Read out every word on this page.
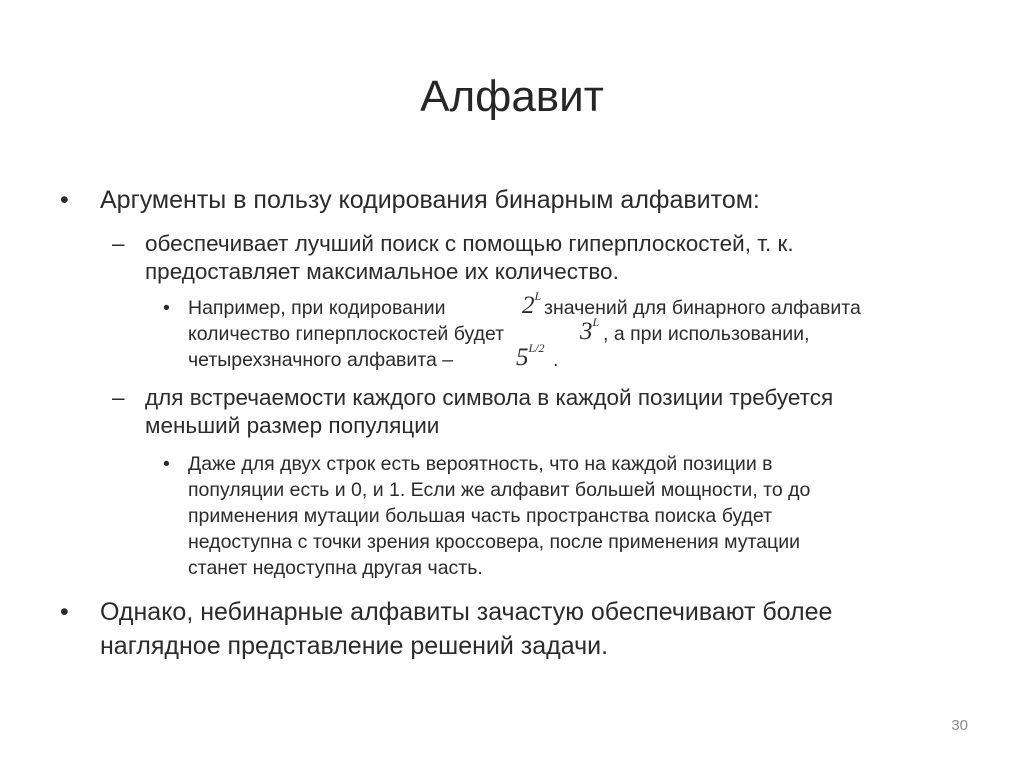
Алфавит
• Аргументы в пользу кодирования бинарным алфавитом:
– обеспечивает лучший поиск с помощью гиперплоскостей, т. к.
предоставляет максимальное их количество.
• Например, при кодировании	$2^L$
значений для бинарного алфавита
количество гиперплоскостей будет	$3^L$
, а при использовании,
четырехзначного алфавита –	$5^{L/2}$
.
– для встречаемости каждого символа в каждой позиции требуется
меньший размер популяции
• Даже для двух строк есть вероятность, что на каждой позиции в
популяции есть и 0, и 1. Если же алфавит большей мощности, то до
применения мутации большая часть пространства поиска будет
недоступна с точки зрения кроссовера, после применения мутации
станет недоступна другая часть.
• Однако, небинарные алфавиты зачастую обеспечивают более
наглядное представление решений задачи.
30
